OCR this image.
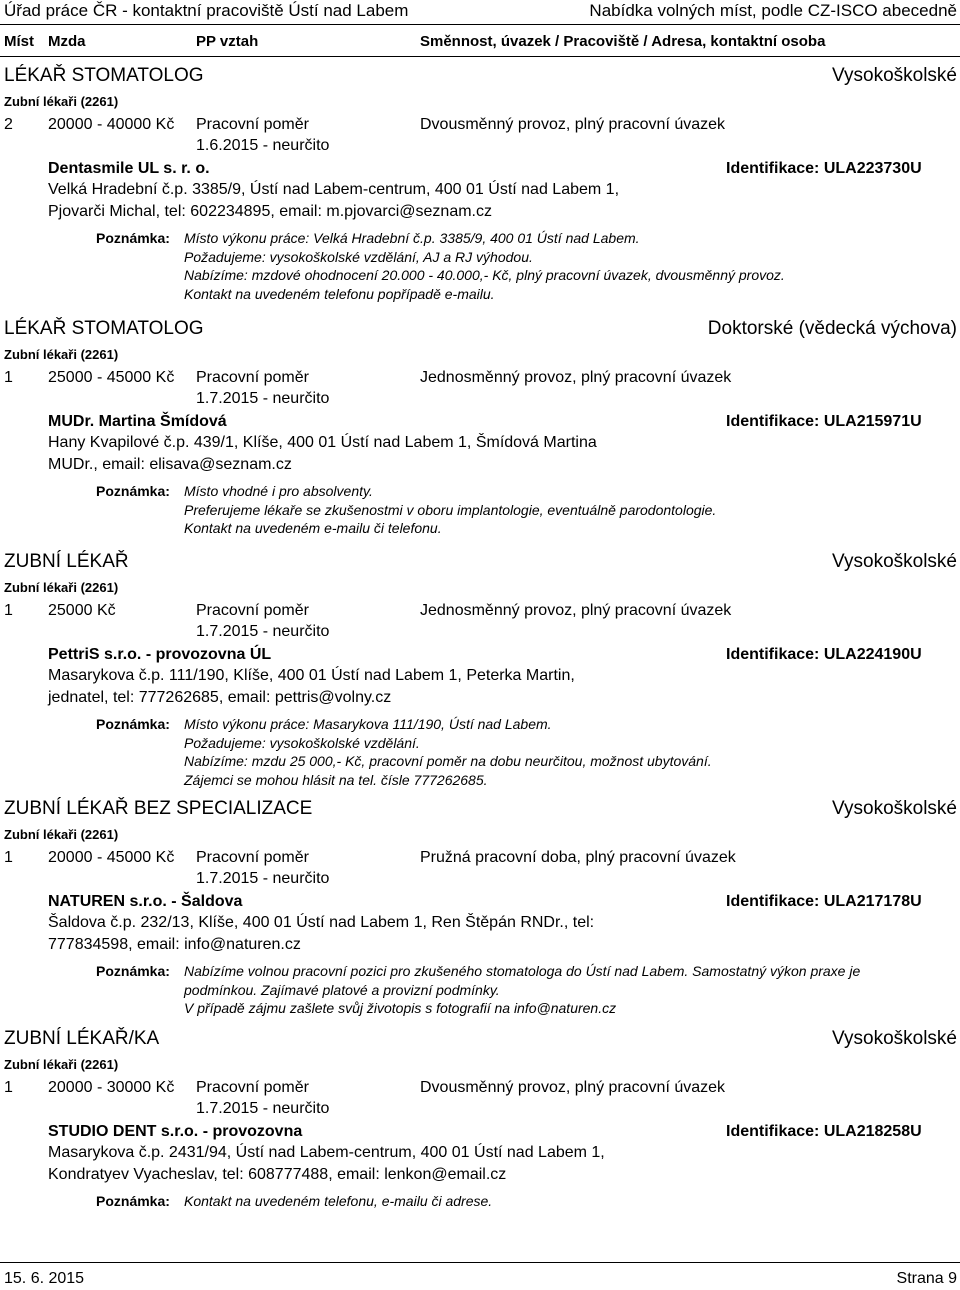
Úřad práce ČR - kontaktní pracoviště Ústí nad Labem	Nabídka volných míst, podle CZ-ISCO abecedně
Míst Mzda	PP vztah	Směnnost, úvazek / Pracoviště / Adresa, kontaktní osoba
LÉKAŘ STOMATOLOG	Vysokoškolské
Zubní lékaři (2261)
2 20000 - 40000 Kč Pracovní poměr	Dvousměnný provoz, plný pracovní úvazek
1.6.2015 - neurčito
Dentasmile UL s. r. o.	Identifikace: ULA223730U
Velká Hradební č.p. 3385/9, Ústí nad Labem-centrum, 400 01 Ústí nad Labem 1,
Pjovarči Michal, tel: 602234895, email: m.pjovarci@seznam.cz
Poznámka: Místo výkonu práce: Velká Hradební č.p. 3385/9, 400 01 Ústí nad Labem.
Požadujeme: vysokoškolské vzdělání, AJ a RJ výhodou.
Nabízíme: mzdové ohodnocení 20.000 - 40.000,- Kč, plný pracovní úvazek, dvousměnný provoz.
Kontakt na uvedeném telefonu popřípadě e-mailu.
LÉKAŘ STOMATOLOG	Doktorské (vědecká výchova)
Zubní lékaři (2261)
1 25000 - 45000 Kč Pracovní poměr	Jednosměnný provoz, plný pracovní úvazek
1.7.2015 - neurčito
MUDr. Martina Šmídová	Identifikace: ULA215971U
Hany Kvapilové č.p. 439/1, Klíše, 400 01 Ústí nad Labem 1, Šmídová Martina
MUDr., email: elisava@seznam.cz
Poznámka: Místo vhodné i pro absolventy.
Preferujeme lékaře se zkušenostmi v oboru implantologie, eventuálně parodontologie.
Kontakt na uvedeném e-mailu či telefonu.
ZUBNÍ LÉKAŘ	Vysokoškolské
Zubní lékaři (2261)
1 25000 Kč	Pracovní poměr	Jednosměnný provoz, plný pracovní úvazek
1.7.2015 - neurčito
PettriS s.r.o. - provozovna ÚL	Identifikace: ULA224190U
Masarykova č.p. 111/190, Klíše, 400 01 Ústí nad Labem 1, Peterka Martin,
jednatel, tel: 777262685, email: pettris@volny.cz
Poznámka: Místo výkonu práce: Masarykova 111/190, Ústí nad Labem.
Požadujeme: vysokoškolské vzdělání.
Nabízíme: mzdu 25 000,- Kč, pracovní poměr na dobu neurčitou, možnost ubytování.
Zájemci se mohou hlásit na tel. čísle 777262685.
ZUBNÍ LÉKAŘ BEZ SPECIALIZACE	Vysokoškolské
Zubní lékaři (2261)
1 20000 - 45000 Kč Pracovní poměr	Pružná pracovní doba, plný pracovní úvazek
1.7.2015 - neurčito
NATUREN s.r.o. - Šaldova	Identifikace: ULA217178U
Šaldova č.p. 232/13, Klíše, 400 01 Ústí nad Labem 1, Ren Štěpán RNDr., tel:
777834598, email: info@naturen.cz
Poznámka: Nabízíme volnou pracovní pozici pro zkušeného stomatologa do Ústí nad Labem. Samostatný výkon praxe je
podmínkou. Zajímavé platové a provizní podmínky.
V případě zájmu zašlete svůj životopis s fotografií na info@naturen.cz
ZUBNÍ LÉKAŘ/KA	Vysokoškolské
Zubní lékaři (2261)
1 20000 - 30000 Kč Pracovní poměr	Dvousměnný provoz, plný pracovní úvazek
1.7.2015 - neurčito
STUDIO DENT s.r.o. - provozovna	Identifikace: ULA218258U
Masarykova č.p. 2431/94, Ústí nad Labem-centrum, 400 01 Ústí nad Labem 1,
Kondratyev Vyacheslav, tel: 608777488, email: lenkon@email.cz
Poznámka: Kontakt na uvedeném telefonu, e-mailu či adrese.
15. 6. 2015	Strana 9
